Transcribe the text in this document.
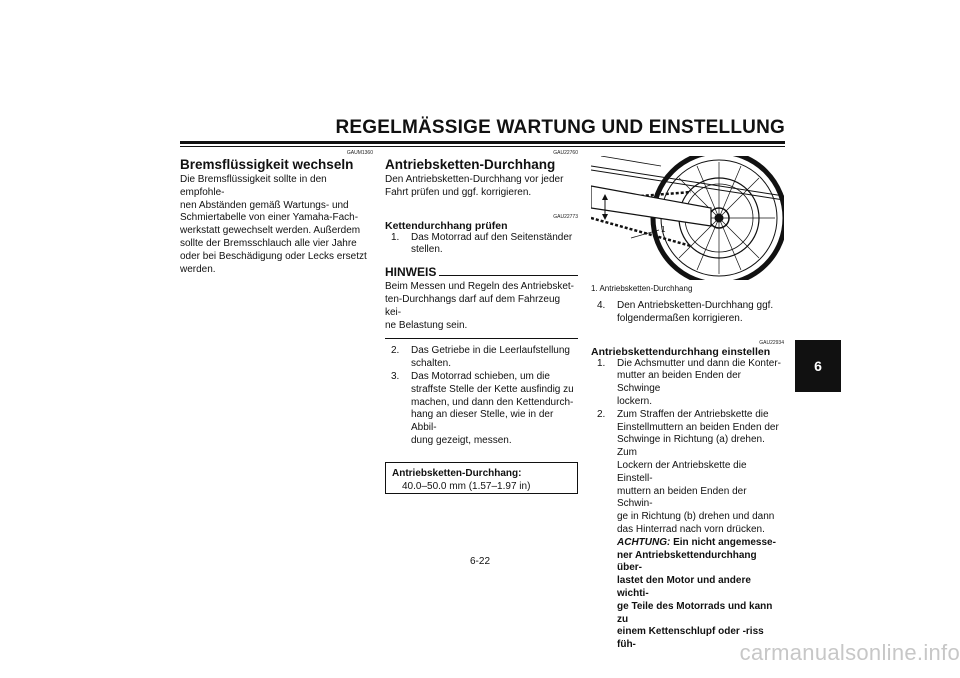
REGELMÄSSIGE WARTUNG UND EINSTELLUNG
GAUM1360
Bremsflüssigkeit wechseln
Die Bremsflüssigkeit sollte in den empfohle-
nen Abständen gemäß Wartungs- und
Schmiertabelle von einer Yamaha-Fach-
werkstatt gewechselt werden. Außerdem
sollte der Bremsschlauch alle vier Jahre
oder bei Beschädigung oder Lecks ersetzt
werden.
GAU22760
Antriebsketten-Durchhang
Den Antriebsketten-Durchhang vor jeder
Fahrt prüfen und ggf. korrigieren.
GAU22773
Kettendurchhang prüfen
1.	Das Motorrad auf den Seitenständer
stellen.
HINWEIS
Beim Messen und Regeln des Antriebsket-
ten-Durchhangs darf auf dem Fahrzeug kei-
ne Belastung sein.
2.	Das Getriebe in die Leerlaufstellung
schalten.
3.	Das Motorrad schieben, um die
straffste Stelle der Kette ausfindig zu
machen, und dann den Kettendurch-
hang an dieser Stelle, wie in der Abbil-
dung gezeigt, messen.
Antriebsketten-Durchhang:
40.0–50.0 mm (1.57–1.97 in)
1
1. Antriebsketten-Durchhang
4.	Den Antriebsketten-Durchhang ggf.
folgendermaßen korrigieren.
GAU22934
Antriebskettendurchhang einstellen
1.	Die Achsmutter und dann die Konter-
mutter an beiden Enden der Schwinge
lockern.
2.	Zum Straffen der Antriebskette die
Einstellmuttern an beiden Enden der
Schwinge in Richtung (a) drehen. Zum
Lockern der Antriebskette die Einstell-
muttern an beiden Enden der Schwin-
ge in Richtung (b) drehen und dann
das Hinterrad nach vorn drücken.
ACHTUNG: Ein nicht angemesse-
ner Antriebskettendurchhang über-
lastet den Motor und andere wichti-
ge Teile des Motorrads und kann zu
einem Kettenschlupf oder -riss füh-
6
6-22
carmanualsonline.info
